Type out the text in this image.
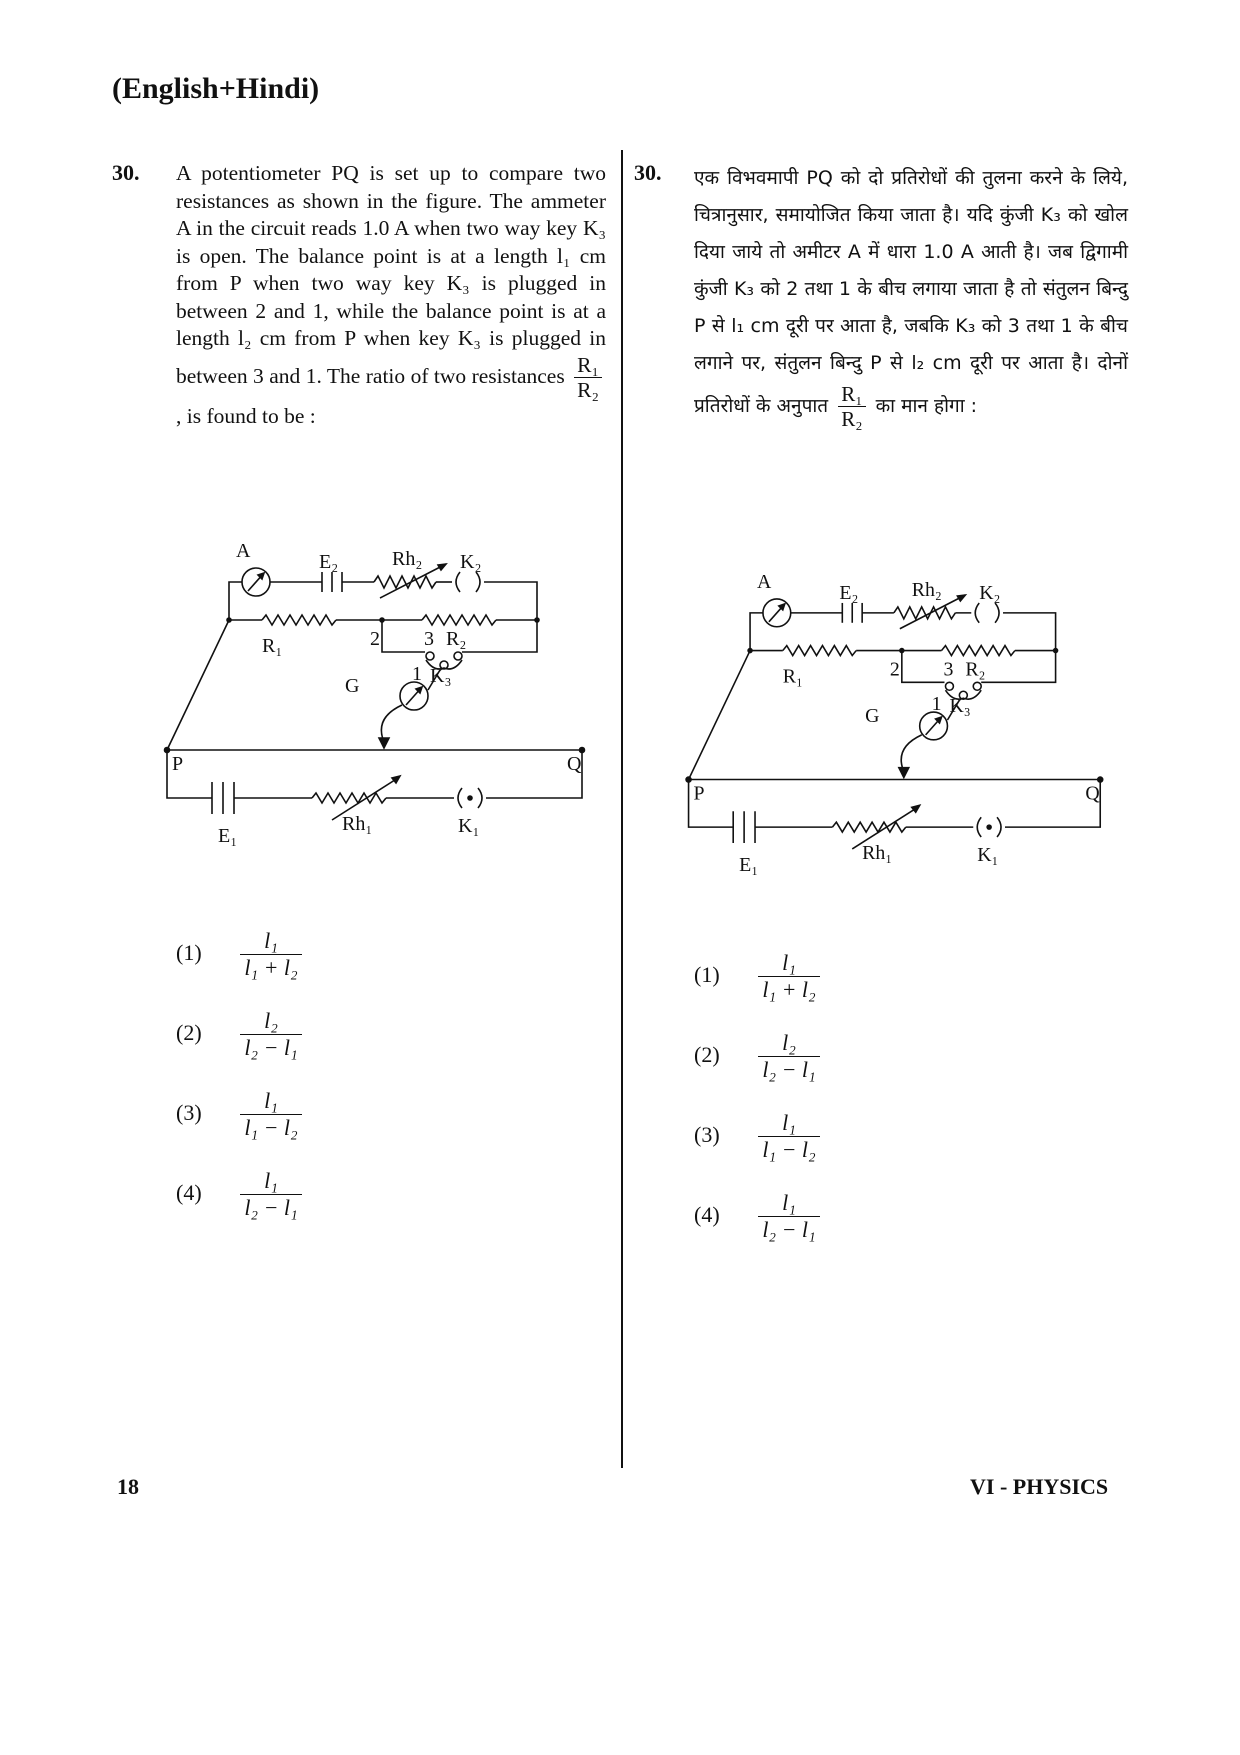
(English+Hindi)
30. A potentiometer PQ is set up to compare two resistances as shown in the figure. The ammeter A in the circuit reads 1.0 A when two way key K₃ is open. The balance point is at a length l₁ cm from P when two way key K₃ is plugged in between 2 and 1, while the balance point is at a length l₂ cm from P when key K₃ is plugged in between 3 and 1. The ratio of two resistances $\frac{\text{R₁}}{\text{R₂}}$
, is found to be :
A	E₂	Rh₂ K₂
R₁	2 3 R₂
1 K₃
G
P	Q
E₁
Rh₁	K₁
$(1) \frac{\text{l₁}}{\text{l₁ + l₂}}$
$(2) \frac{\text{l₂}}{\text{l₂ − l₁}}$
$(3) \frac{\text{l₁}}{\text{l₁ − l₂}}$
$(4) \frac{\text{l₁}}{\text{l₂ − l₁}}$
30. एक विभवमापी PQ को दो प्रतिरोधों की तुलना करने के लिये, चित्रानुसार, समायोजित किया जाता है। यदि कुंजी K₃ को खोल दिया जाये तो अमीटर A में धारा 1.0 A आती है। जब द्विगामी कुंजी K₃ को 2 तथा 1 के बीच लगाया जाता है तो संतुलन बिन्दु P से l₁ cm दूरी पर आता है, जबकि K₃ को 3 तथा 1 के बीच लगाने पर, संतुलन बिन्दु P से l₂ cm दूरी पर आता है। दोनों प्रतिरोधों के अनुपात $\frac{\text{R₁}}{\text{R₂}}$ का मान होगा :
A	E₂	Rh₂ K₂
R₁	2 3 R₂
1 K₃
G
P	Q
E₁
Rh₁	K₁
$(1) \frac{\text{l₁}}{\text{l₁ + l₂}}$
$(2) \frac{\text{l₂}}{\text{l₂ − l₁}}$
$(3) \frac{\text{l₁}}{\text{l₁ − l₂}}$
$(4) \frac{\text{l₁}}{\text{l₂ − l₁}}$
18	VI - PHYSICS
